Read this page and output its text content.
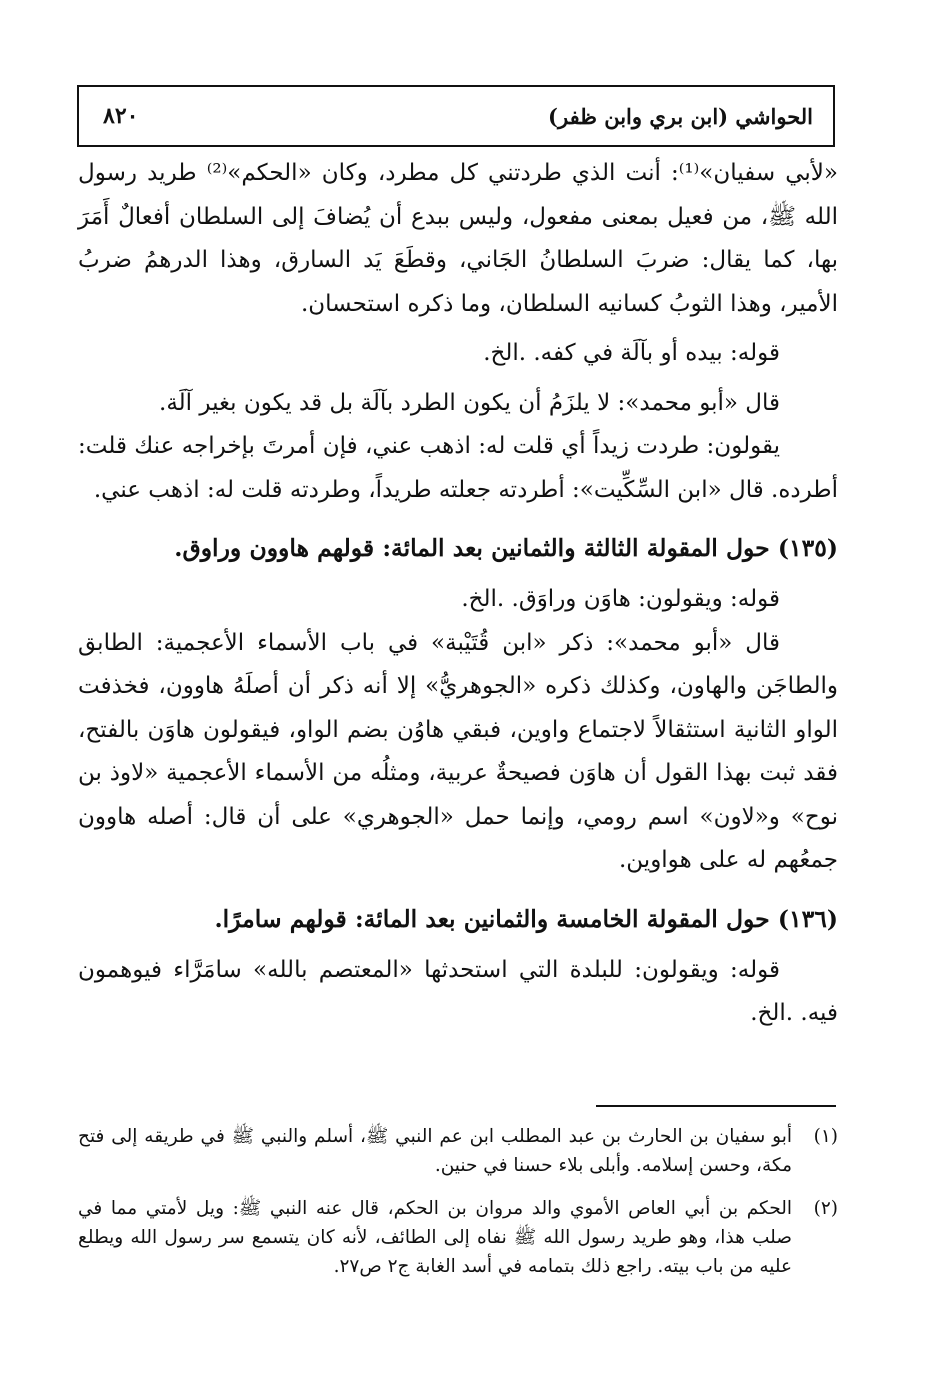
الحواشي (ابن بري وابن ظفر)
٨٢٠

«لأبي سفيان»⁽¹⁾: أنت الذي طردتني كل مطرد، وكان «الحكم»⁽²⁾ طريد رسول الله ﷺ، من فعيل بمعنى مفعول، وليس ببدع أن يُضافَ إلى السلطان أفعالٌ أَمَرَ بها، كما يقال: ضربَ السلطانُ الجَاني، وقطَعَ يَد السارق، وهذا الدرهمُ ضربُ الأمير، وهذا الثوبُ كسانيه السلطان، وما ذكره استحسان.

قوله: بيده أو بآلَة في كفه. .الخ.

قال «أبو محمد»: لا يلزَمُ أن يكون الطرد بآلَة بل قد يكون بغير آلَة.

يقولون: طردت زيداً أي قلت له: اذهب عني، فإن أمرتَ بإخراجه عنك قلت: أطرده. قال «ابن السِّكِّيت»: أطردته جعلته طريداً، وطردته قلت له: اذهب عني.

(١٣٥) حول المقولة الثالثة والثمانين بعد المائة: قولهم هاوون وراوق.

قوله: ويقولون: هاوَن وراوَق. .الخ.

قال «أبو محمد»: ذكر «ابن قُتَيْبة» في باب الأسماء الأعجمية: الطابق والطاجَن والهاون، وكذلك ذكره «الجوهريُّ» إلا أنه ذكر أن أصلَهُ هاوون، فخذفت الواو الثانية استثقالاً لاجتماع واوين، فبقي هاوُن بضم الواو، فيقولون هاوَن بالفتح، فقد ثبت بهذا القول أن هاوَن فصيحةٌ عربية، ومثلُه من الأسماء الأعجمية «لاوذ بن نوح» و«لاون» اسم رومي، وإنما حمل «الجوهري» على أن قال: أصله هاوون جمعُهم له على هواوين.

(١٣٦) حول المقولة الخامسة والثمانين بعد المائة: قولهم سامرًا.

قوله: ويقولون: للبلدة التي استحدثها «المعتصم بالله» سامَرَّاء فيوهمون فيه. .الخ.

(١)
أبو سفيان بن الحارث بن عبد المطلب ابن عم النبي ﷺ، أسلم والنبي ﷺ في طريقه إلى فتح مكة، وحسن إسلامه. وأبلى بلاء حسنا في حنين.
(٢)
الحكم بن أبي العاص الأموي والد مروان بن الحكم، قال عنه النبي ﷺ: ويل لأمتي مما في صلب هذا، وهو طريد رسول الله ﷺ نفاه إلى الطائف، لأنه كان يتسمع سر رسول الله ويطلع عليه من باب بيته. راجع ذلك بتمامه في أسد الغابة ج٢ ص٢٧.
